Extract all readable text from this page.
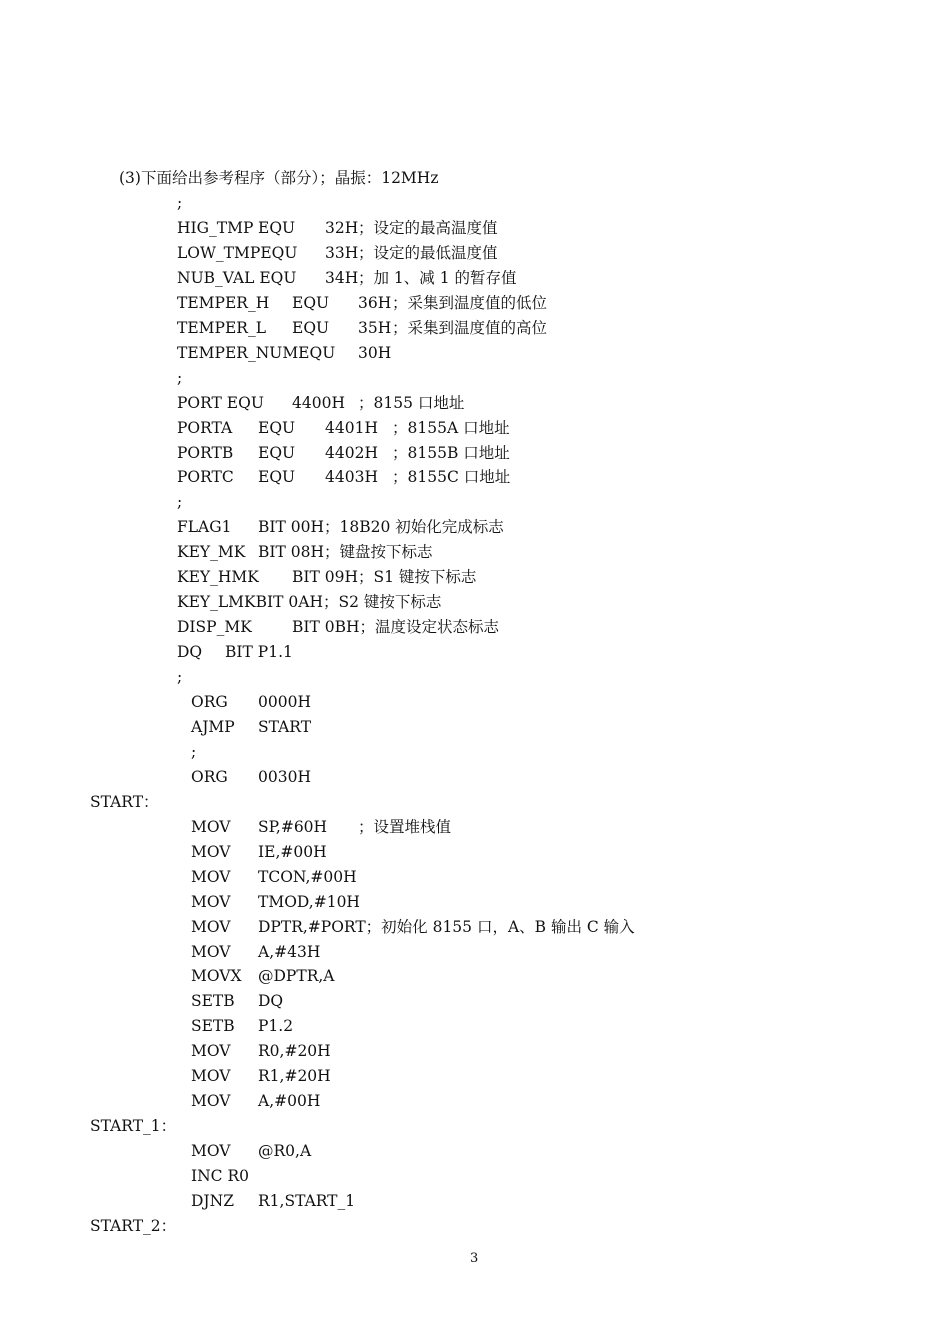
(3)下面给出参考程序（部分）；晶振：12MHz
;
HIG_TMP EQU 32H ；设定的最高温度值
LOW_TMPEQU 33H ；设定的最低温度值
NUB_VAL EQU 34H ；加 1、减 1 的暂存值
TEMPER_H EQU 36H ；采集到温度值的低位
TEMPER_L EQU 35H ；采集到温度值的高位
TEMPER_NUMEQU 30H
;
PORT EQU 4400H ；8155 口地址
PORTA EQU 4401H ；8155A 口地址
PORTB EQU 4402H ；8155B 口地址
PORTC EQU 4403H ；8155C 口地址
;
FLAG1 BIT 00H；18B20 初始化完成标志
KEY_MK BIT 08H；键盘按下标志
KEY_HMK BIT 09H；S1 键按下标志
KEY_LMKBIT 0AH；S2 键按下标志
DISP_MK	BIT 0BH；温度设定状态标志
DQ BIT P1.1
;
ORG 0000H
AJMP START
;
ORG 0030H
START：
MOV SP,#60H ；设置堆栈值
MOV IE,#00H
MOV TCON,#00H
MOV TMOD,#10H
MOV DPTR,#PORT；初始化 8155 口，A、B 输出 C 输入
MOV A,#43H
MOVX @DPTR,A
SETB DQ
SETB P1.2
MOV R0,#20H
MOV R1,#20H
MOV A,#00H
START_1：
MOV @R0,A
INC R0
DJNZ R1,START_1
START_2：
3
